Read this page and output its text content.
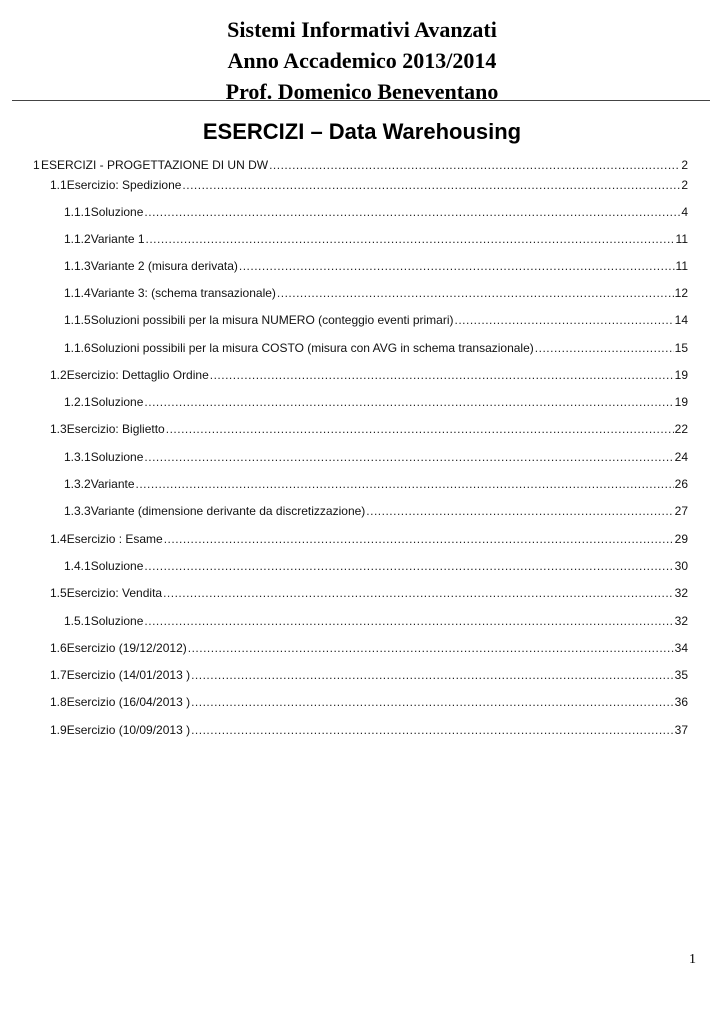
Sistemi Informativi Avanzati
Anno Accademico 2013/2014
Prof. Domenico Beneventano
ESERCIZI – Data Warehousing
1 ESERCIZI - PROGETTAZIONE DI UN DW .....	2
1.1 Esercizio: Spedizione .....	2
1.1.1 Soluzione .....	4
1.1.2 Variante 1 .....	11
1.1.3 Variante 2 (misura derivata) .....	11
1.1.4 Variante 3: (schema transazionale) .....	12
1.1.5 Soluzioni possibili per la misura NUMERO (conteggio eventi primari) .....	14
1.1.6 Soluzioni possibili per la misura COSTO (misura con AVG in schema transazionale) .....	15
1.2 Esercizio: Dettaglio Ordine .....	19
1.2.1 Soluzione .....	19
1.3 Esercizio: Biglietto .....	22
1.3.1 Soluzione .....	24
1.3.2 Variante .....	26
1.3.3 Variante (dimensione derivante da discretizzazione) .....	27
1.4 Esercizio : Esame .....	29
1.4.1 Soluzione .....	30
1.5 Esercizio: Vendita .....	32
1.5.1 Soluzione .....	32
1.6 Esercizio (19/12/2012) .....	34
1.7 Esercizio (14/01/2013 ) .....	35
1.8 Esercizio (16/04/2013 ) .....	36
1.9 Esercizio (10/09/2013 ) .....	37
1
